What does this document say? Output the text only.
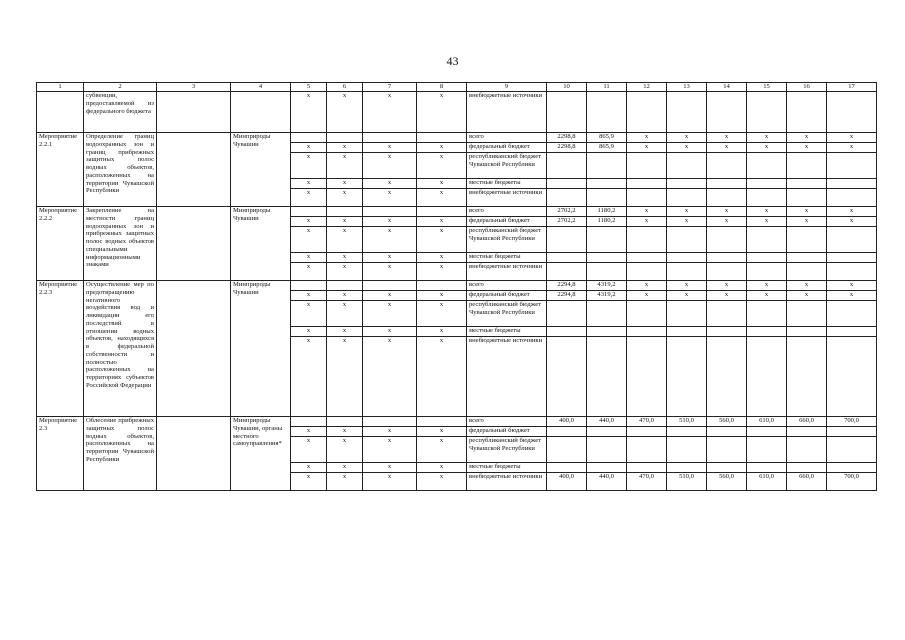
43
1	2	3	4	5	6	7	8	9	10	11	12	13	14	15	16	17
	субвенции, предоставляемой из федерального бюджета			x	x	x	x	внебюджетные источники								
Мероприятие 2.2.1	Определение границ водоохранных зон и границ прибрежных защитных полос водных объектов, расположенных на территории Чувашской Республики		Минприроды Чувашии					всего	2298,8	865,9	x	x	x	x	x	x
				x	x	x	x	федеральный бюджет	2298,8	865,9	x	x	x	x	x	x
				x	x	x	x	республиканский бюджет Чувашской Республики								
				x	x	x	x	местные бюджеты								
				x	x	x	x	внебюджетные источники								
Мероприятие 2.2.2	Закрепление на местности границ водоохранных зон и прибрежных защитных полос водных объектов специальными информационными знаками		Минприроды Чувашии					всего	2702,2	1180,2	x	x	x	x	x	x
				x	x	x	x	федеральный бюджет	2702,2	1180,2	x	x	x	x	x	x
				x	x	x	x	республиканский бюджет Чувашской Республики								
				x	x	x	x	местные бюджеты								
				x	x	x	x	внебюджетные источники								
Мероприятие 2.2.3	Осуществление мер по предотвращению негативного воздействия вод и ликвидации его последствий в отношении водных объектов, находящихся в федеральной собственности и полностью расположенных на территориях субъектов Российской Федерации		Минприроды Чувашии					всего	2294,8	4319,2	x	x	x	x	x	x
				x	x	x	x	федеральный бюджет	2294,8	4319,2	x	x	x	x	x	x
				x	x	x	x	республиканский бюджет Чувашской Республики								
				x	x	x	x	местные бюджеты								
				x	x	x	x	внебюджетные источники								
Мероприятие 2.3	Облесение прибрежных защитных полос водных объектов, расположенных на территории Чувашской Республики		Минприроды Чувашии, органы местного самоуправления*					всего	400,0	440,0	470,0	510,0	560,0	610,0	660,0	700,0
				x	x	x	x	федеральный бюджет								
				x	x	x	x	республиканский бюджет Чувашской Республики								
				x	x	x	x	местные бюджеты								
				x	x	x	x	внебюджетные источники	400,0	440,0	470,0	510,0	560,0	610,0	660,0	700,0
